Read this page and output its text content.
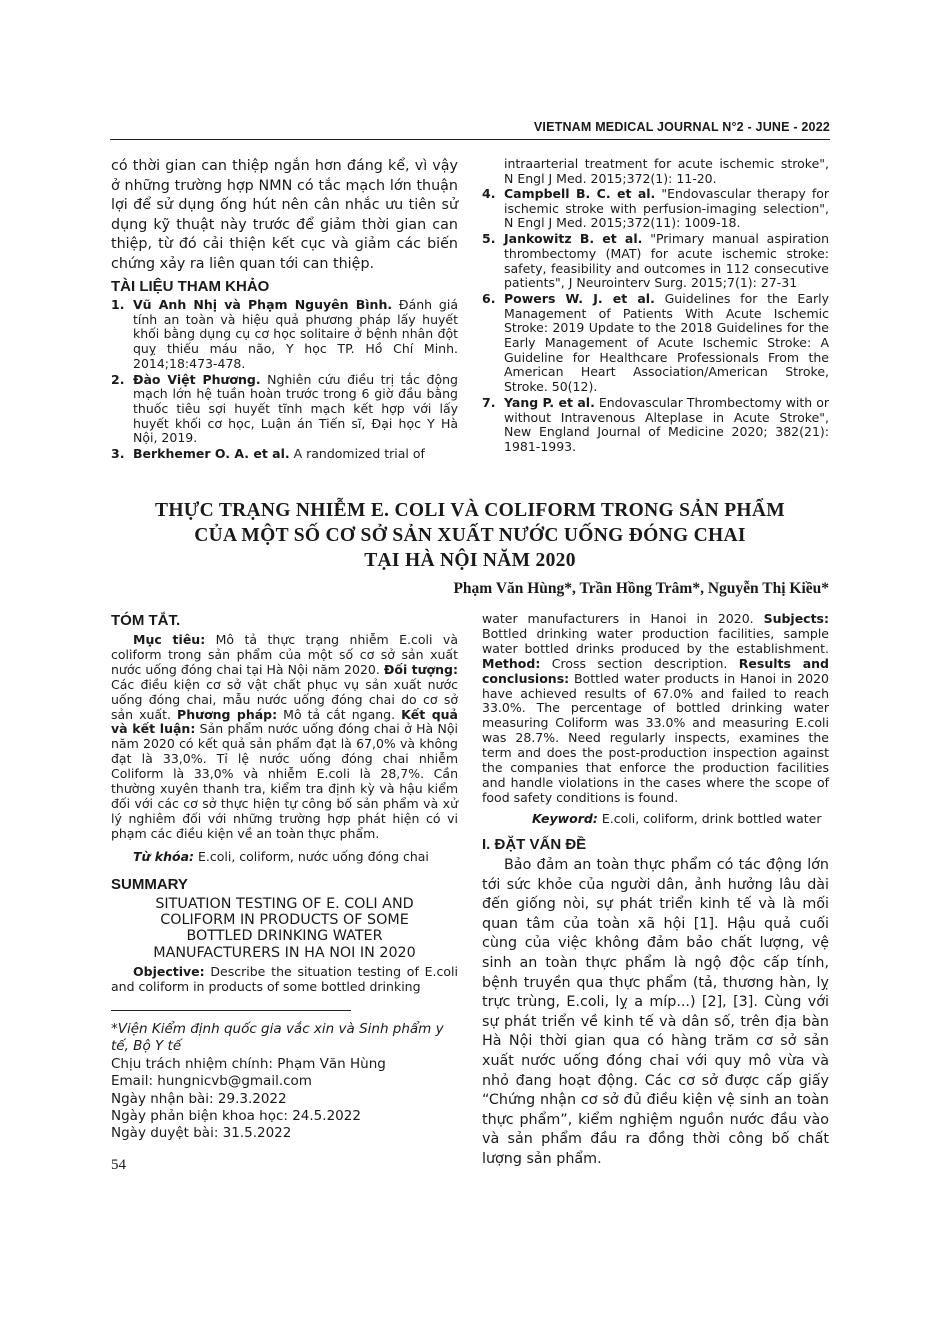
VIETNAM MEDICAL JOURNAL N°2 - JUNE - 2022
có thời gian can thiệp ngắn hơn đáng kể, vì vậy ở những trường hợp NMN có tắc mạch lớn thuận lợi để sử dụng ống hút nên cân nhắc ưu tiên sử dụng kỹ thuật này trước để giảm thời gian can thiệp, từ đó cải thiện kết cục và giảm các biến chứng xảy ra liên quan tới can thiệp.
TÀI LIỆU THAM KHẢO
1. Vũ Anh Nhị và Phạm Nguyên Bình. Đánh giá tính an toàn và hiệu quả phương pháp lấy huyết khối bằng dụng cụ cơ học solitaire ở bệnh nhân đột quỵ thiếu máu não, Y học TP. Hồ Chí Minh. 2014;18:473-478.
2. Đào Việt Phương. Nghiên cứu điều trị tắc động mạch lớn hệ tuần hoàn trước trong 6 giờ đầu bằng thuốc tiêu sợi huyết tĩnh mạch kết hợp với lấy huyết khối cơ học, Luận án Tiến sĩ, Đại học Y Hà Nội, 2019.
3. Berkhemer O. A. et al. A randomized trial of
intraarterial treatment for acute ischemic stroke", N Engl J Med. 2015;372(1): 11-20.
4. Campbell B. C. et al. "Endovascular therapy for ischemic stroke with perfusion-imaging selection", N Engl J Med. 2015;372(11): 1009-18.
5. Jankowitz B. et al. "Primary manual aspiration thrombectomy (MAT) for acute ischemic stroke: safety, feasibility and outcomes in 112 consecutive patients", J Neurointerv Surg. 2015;7(1): 27-31
6. Powers W. J. et al. Guidelines for the Early Management of Patients With Acute Ischemic Stroke: 2019 Update to the 2018 Guidelines for the Early Management of Acute Ischemic Stroke: A Guideline for Healthcare Professionals From the American Heart Association/American Stroke, Stroke. 50(12).
7. Yang P. et al. Endovascular Thrombectomy with or without Intravenous Alteplase in Acute Stroke", New England Journal of Medicine 2020; 382(21): 1981-1993.
THỰC TRẠNG NHIỄM E. COLI VÀ COLIFORM TRONG SẢN PHẨM
CỦA MỘT SỐ CƠ SỞ SẢN XUẤT NƯỚC UỐNG ĐÓNG CHAI
TẠI HÀ NỘI NĂM 2020
Phạm Văn Hùng*, Trần Hồng Trâm*, Nguyễn Thị Kiều*
TÓM TẮT.
Mục tiêu: Mô tả thực trạng nhiễm E.coli và coliform trong sản phẩm của một số cơ sở sản xuất nước uống đóng chai tại Hà Nội năm 2020. Đối tượng: Các điều kiện cơ sở vật chất phục vụ sản xuất nước uống đóng chai, mẫu nước uống đóng chai do cơ sở sản xuất. Phương pháp: Mô tả cắt ngang. Kết quả và kết luận: Sản phẩm nước uống đóng chai ở Hà Nội năm 2020 có kết quả sản phẩm đạt là 67,0% và không đạt là 33,0%. Tỉ lệ nước uống đóng chai nhiễm Coliform là 33,0% và nhiễm E.coli là 28,7%. Cần thường xuyên thanh tra, kiểm tra định kỳ và hậu kiểm đối với các cơ sở thực hiện tự công bố sản phẩm và xử lý nghiêm đối với những trường hợp phát hiện có vi phạm các điều kiện về an toàn thực phẩm.
Từ khóa: E.coli, coliform, nước uống đóng chai
SUMMARY
SITUATION TESTING OF E. COLI AND
COLIFORM IN PRODUCTS OF SOME
BOTTLED DRINKING WATER
MANUFACTURERS IN HA NOI IN 2020
Objective: Describe the situation testing of E.coli and coliform in products of some bottled drinking
*Viện Kiểm định quốc gia vắc xin và Sinh phẩm y tế, Bộ Y tế
Chịu trách nhiệm chính: Phạm Văn Hùng
Email: hungnicvb@gmail.com
Ngày nhận bài: 29.3.2022
Ngày phản biện khoa học: 24.5.2022
Ngày duyệt bài: 31.5.2022
54
water manufacturers in Hanoi in 2020. Subjects: Bottled drinking water production facilities, sample water bottled drinks produced by the establishment. Method: Cross section description. Results and conclusions: Bottled water products in Hanoi in 2020 have achieved results of 67.0% and failed to reach 33.0%. The percentage of bottled drinking water measuring Coliform was 33.0% and measuring E.coli was 28.7%. Need regularly inspects, examines the term and does the post-production inspection against the companies that enforce the production facilities and handle violations in the cases where the scope of food safety conditions is found.
Keyword: E.coli, coliform, drink bottled water
I. ĐẶT VẤN ĐỀ
Bảo đảm an toàn thực phẩm có tác động lớn tới sức khỏe của người dân, ảnh hưởng lâu dài đến giống nòi, sự phát triển kinh tế và là mối quan tâm của toàn xã hội [1]. Hậu quả cuối cùng của việc không đảm bảo chất lượng, vệ sinh an toàn thực phẩm là ngộ độc cấp tính, bệnh truyền qua thực phẩm (tả, thương hàn, lỵ trực trùng, E.coli, lỵ a míp...) [2], [3]. Cùng với sự phát triển về kinh tế và dân số, trên địa bàn Hà Nội thời gian qua có hàng trăm cơ sở sản xuất nước uống đóng chai với quy mô vừa và nhỏ đang hoạt động. Các cơ sở được cấp giấy “Chứng nhận cơ sở đủ điều kiện vệ sinh an toàn thực phẩm”, kiểm nghiệm nguồn nước đầu vào và sản phẩm đầu ra đồng thời công bố chất lượng sản phẩm.
